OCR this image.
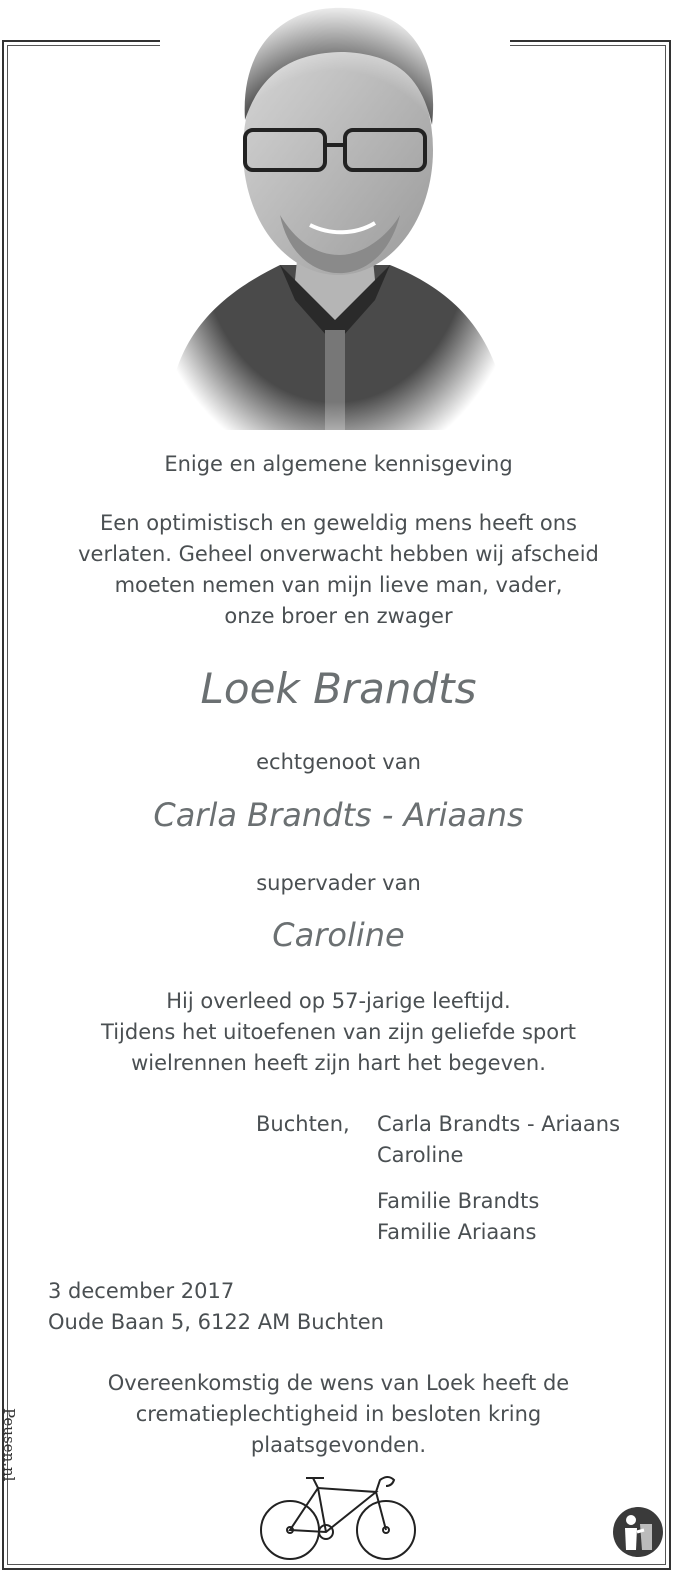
Enige en algemene kennisgeving
Een optimistisch en geweldig mens heeft ons
verlaten. Geheel onverwacht hebben wij afscheid
moeten nemen van mijn lieve man, vader,
onze broer en zwager
Loek Brandts
echtgenoot van
Carla Brandts - Ariaans
supervader van
Caroline
Hij overleed op 57-jarige leeftijd.
Tijdens het uitoefenen van zijn geliefde sport
wielrennen heeft zijn hart het begeven.
Buchten, Carla Brandts - Ariaans
Caroline
Familie Brandts
Familie Ariaans
3 december 2017
Oude Baan 5, 6122 AM Buchten
Overeenkomstig de wens van Loek heeft de
crematieplechtigheid in besloten kring
plaatsgevonden.
Peusen.nl
